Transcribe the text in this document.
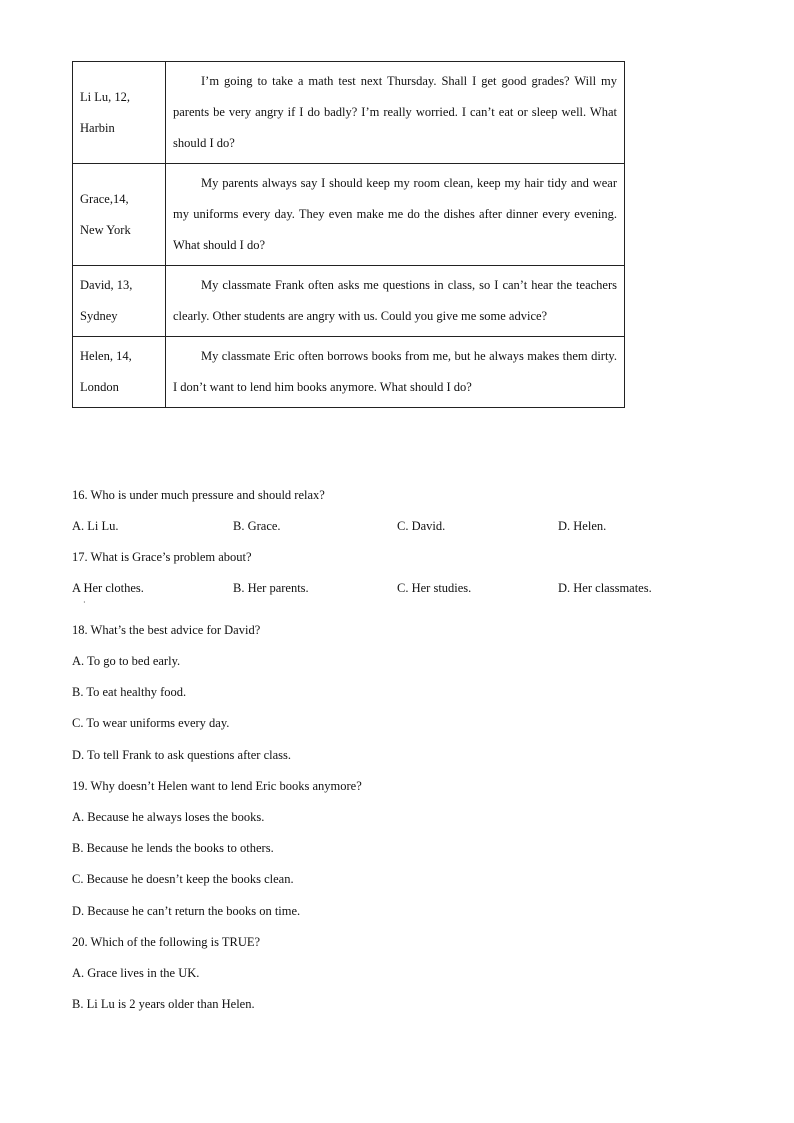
Li Lu, 12,
Harbin	I’m going to take a math test next Thursday. Shall I get good grades? Will my parents be very angry if I do badly? I’m really worried. I can’t eat or sleep well. What should I do?
Grace,14,
New York	My parents always say I should keep my room clean, keep my hair tidy and wear my uniforms every day. They even make me do the dishes after dinner every evening. What should I do?
David, 13,
Sydney	My classmate Frank often asks me questions in class, so I can’t hear the teachers clearly. Other students are angry with us. Could you give me some advice?
Helen, 14,
London	My classmate Eric often borrows books from me, but he always makes them dirty. I don’t want to lend him books anymore. What should I do?
16. Who is under much pressure and should relax?
A. Li Lu.	B. Grace.	C. David.	D. Helen.
17. What is Grace’s problem about?
A Her clothes.
·
B. Her parents.	C. Her studies.	D. Her classmates.
18. What’s the best advice for David?
A. To go to bed early.
B. To eat healthy food.
C. To wear uniforms every day.
D. To tell Frank to ask questions after class.
19. Why doesn’t Helen want to lend Eric books anymore?
A. Because he always loses the books.
B. Because he lends the books to others.
C. Because he doesn’t keep the books clean.
D. Because he can’t return the books on time.
20. Which of the following is TRUE?
A. Grace lives in the UK.
B. Li Lu is 2 years older than Helen.
